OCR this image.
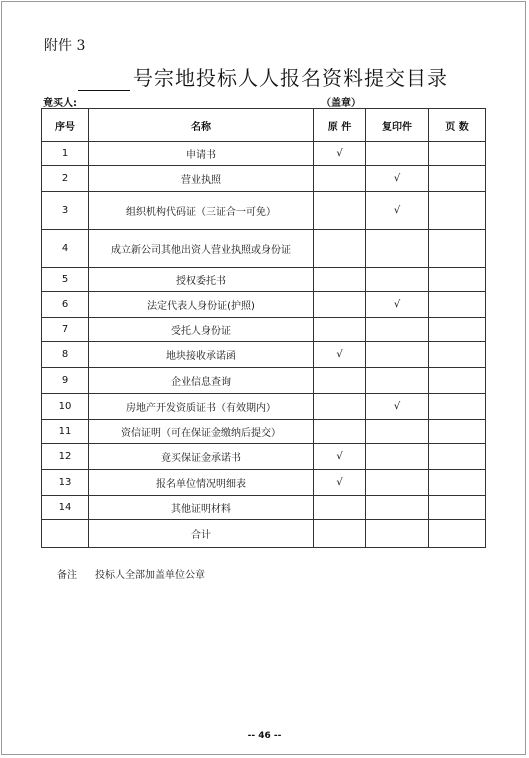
附件 3
号宗地投标人人报名资料提交目录
竟买人:	（盖章）
序号	名称	原 件	复印件	页 数
1	申请书	√		
2	营业执照		√	
3	组织机构代码证（三证合一可免）		√	
4	成立新公司其他出资人营业执照或身份证			
5	授权委托书			
6	法定代表人身份证(护照)		√	
7	受托人身份证			
8	地块接收承诺函	√		
9	企业信息查询			
10	房地产开发资质证书（有效期内）		√	
11	资信证明（可在保证金缴纳后提交）			
12	竟买保证金承诺书	√		
13	报名单位情况明细表	√		
14	其他证明材料			
	合计			
备注 投标人全部加盖单位公章
-- 46 --
